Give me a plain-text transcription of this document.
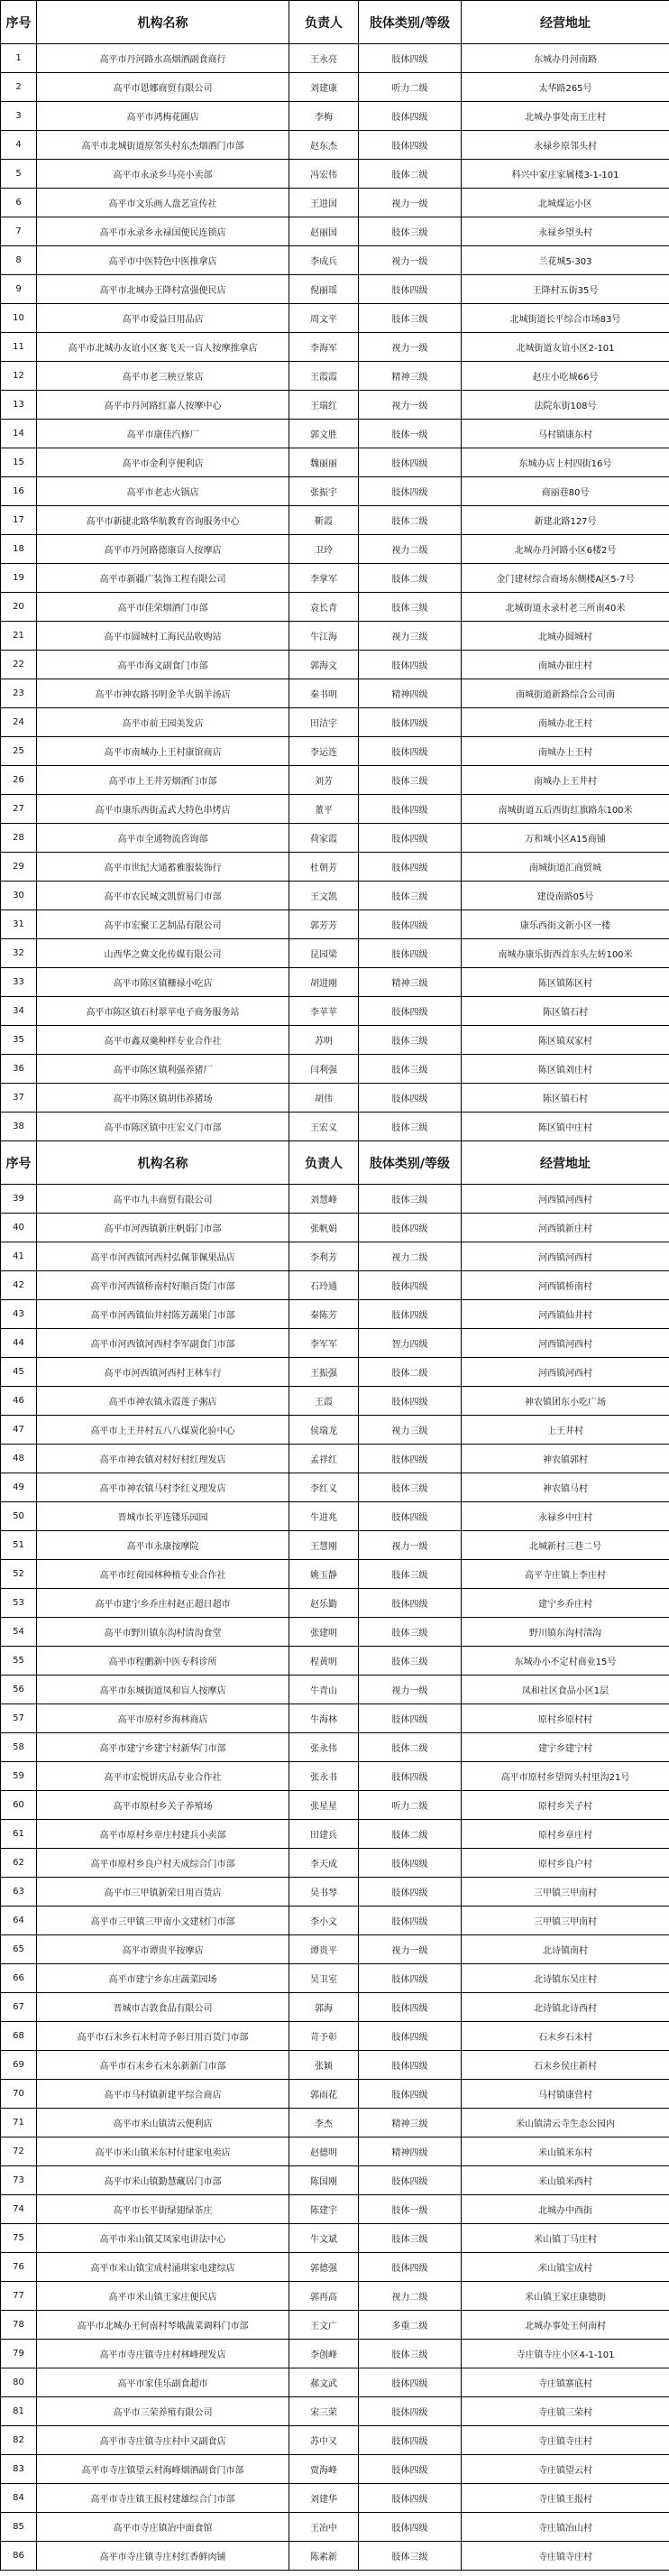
序号	机构名称	负责人	肢体类别/等级	经营地址
1	高平市丹河路水高烟酒副食商行	王永亮	肢体四级	东城办丹河南路
2	高平市恩娜商贸有限公司	刘建康	听力二级	太华路265号
3	高平市鸿梅花圃店	李梅	肢体四级	北城办事处南王庄村
4	高平市北城街道原邻头村东杰烟酒门市部	赵东杰	肢体四级	永禄乡原邻头村
5	高平市永录乡马亮小卖部	冯宏伟	肢体二级	科兴中家庄家属楼3-1-101
6	高平市文乐画人盘艺宣传社	王进国	视力一级	北城煤运小区
7	高平市永录乡永禄国便民连锁店	赵丽国	肢体三级	永禄乡望头村
8	高平市中医特色中医推拿店	李成兵	视力一级	兰花城5-303
9	高平市北城办王降村富强便民店	倪丽瑶	肢体四级	王降村五街35号
10	高平市爱益日用品店	周文平	肢体三级	北城街道长平综合市场83号
11	高平市北城办友谊小区赛飞天一盲人按摩推拿店	李海军	视力一级	北城街道友谊小区2-101
12	高平市老三秧豆浆店	王霞霞	精神三级	赵庄小吃城66号
13	高平市丹河路红嘉人按摩中心	王瑞红	视力一级	法院东街108号
14	高平市康佳汽修厂	郭文胜	肢体一级	马村镇康东村
15	高平市金利亨便利店	魏丽丽	肢体四级	东城办店上村四街16号
16	高平市老志火锅店	张振宇	肢体四级	商丽巷80号
17	高平市新捷北路华航教育咨询服务中心	靳霞	肢体二级	新建北路127号
18	高平市丹河路德康盲人按摩店	卫玲	视力二级	北城办丹河路小区6楼2号
19	高平市新疆广装饰工程有限公司	李掌军	肢体二级	金门建材综合商场东侧楼A区5-7号
20	高平市佳荣烟酒门市部	袁长青	肢体三级	北城街道永录村老三所南40米
21	高平市圆城村工海民品收购站	牛江海	视力三级	北城办圆城村
22	高平市海文副食门市部	郭海文	肢体四级	南城办崔庄村
23	高平市神农路书明金羊火锅羊汤店	秦书明	精神四级	南城街道新路综合公司南
24	高平市前王园美发店	田洁宇	肢体四级	南城办北王村
25	高平市南城办上王村康馆商店	李运连	肢体四级	南城办上王村
26	高平市上王井芳烟酒门市部	刘芳	肢体三级	南城办上王井村
27	高平市康乐西街孟武大特色串烤店	董平	肢体四级	南城街道五后西街红旗路东100米
28	高平市全通物流咨询部	荷家霞	肢体四级	万和城小区A15商铺
29	高平市世纪大通蓄雅服装饰行	杜朝芳	肢体四级	南城街道汇商贸城
30	高平市农民城文凯贸易门市部	王文凯	肢体三级	建设南路05号
31	高平市宏聚工艺制品有限公司	郭芳芳	肢体四级	康乐西街文新小区一楼
32	山西华之冀文化传媒有限公司	昆园梁	肢体四级	南城办康乐街西首东头左转100米
33	高平市陈区镇栅禄小吃店	胡进刚	精神三级	陈区镇陈区村
34	高平市陈区镇石村翠苹电子商务服务站	李苹苹	肢体四级	陈区镇石村
35	高平市鑫双羹种样专业合作社	苏明	肢体三级	陈区镇双家村
36	高平市陈区镇利强养猪厂	闫利强	肢体三级	陈区镇刘庄村
37	高平市陈区镇胡伟养猪场	胡伟	肢体四级	陈区镇石村
38	高平市陈区镇中庄宏义门市部	王宏义	肢体三级	陈区镇中庄村
序号	机构名称	负责人	肢体类别/等级	经营地址
39	高平市九丰商贸有限公司	刘慧峰	肢体三级	河西镇河西村
40	高平市河西镇新庄帆娟门市部	张帆娟	肢体四级	河西镇新庄村
41	高平市河西镇河西村弘佩菲佩果品店	李利芳	视力二级	河西镇河西村
42	高平市河西镇桥南村好顺百货门市部	石玲通	肢体四级	河西镇桥南村
43	高平市河西镇仙井村陈芳蔬果门市部	秦陈芳	肢体四级	河西镇仙井村
44	高平市河西镇河西村李军副食门市部	李军军	智力四级	河西镇河西村
45	高平市河西镇河西村王林车行	王振强	肢体二级	河西镇河西村
46	高平市神农镇永霞莲子粥店	王霞	肢体四级	神农镇团东小吃广场
47	高平市上王井村五八八煤炭化验中心	侯瑞龙	视力三级	上王井村
48	高平市神农镇对村好村红理发店	孟祥红	肢体四级	神农镇郭村
49	高平市神农镇马村李红义理发店	李红义	肢体三级	神农镇马村
50	晋城市长平连镂乐园园	牛进兆	肢体四级	永禄乡中庄村
51	高平市永康按摩院	王慧刚	视力一级	北城新村三巷二号
52	高平市红荷园林种植专业合作社	姚玉静	肢体三级	高平寺庄镇上李庄村
53	高平市建宁乡乔庄村赵正超日超市	赵乐勤	肢体四级	建宁乡乔庄村
54	高平市野川镇东沟村清沟食堂	张建明	肢体三级	野川镇东沟村清沟
55	高平市程鹏新中医专科诊所	程黄明	肢体三级	东城办小不定村商业15号
56	高平市东城街道凤和盲人按摩店	牛青山	视力一级	凤和社区食品小区1层
57	高平市原村乡海林商店	牛海林	肢体四级	原村乡原村村
58	高平市建宁乡建宁村新华门市部	张永伟	肢体二级	建宁乡建宁村
59	高平市宏悦饼庆品专业合作社	张永书	肢体四级	高平市原村乡望岡头村里沟21号
60	高平市原村乡关子养殖场	张星星	听力二级	原村乡关子村
61	高平市原村乡章庄村建兵小卖部	田建兵	肢体二级	原村乡章庄村
62	高平市原村乡良户村天成综合门市部	李天成	肢体四级	原村乡良户村
63	高平市三甲镇新荣日用百货店	吴书琴	肢体四级	三甲镇三甲南村
64	高平市三甲镇三甲南小文建材门市部	李小文	肢体四级	三甲镇三甲南村
65	高平市谭贵平按摩店	谭贵平	视力一级	北诗镇南村
66	高平市建宁乡东庄蔬菜园场	吴卫室	肢体四级	北诗镇东吴庄村
67	晋城市吉敦食品有限公司	郭海	肢体四级	北诗镇北诗西村
68	高平市石末乡石末村苛予彰日用百货门市部	苛予彰	肢体四级	石末乡石末村
69	高平市石末乡石末东新新门市部	张颖	肢体四级	石末乡侯庄新村
70	高平市马村镇新建平综合商店	郭雨花	肢体四级	马村镇康营村
71	高平市米山镇清云便利店	李杰	精神三级	米山镇清云寺生态公园内
72	高平市米山镇米东村付建家电卖店	赵德明	精神四级	米山镇米东村
73	高平市米山镇勤慧藏居门市部	陈国刚	肢体四级	米山镇米西村
74	高平市长平街绿翅绿茶庄	陈建宇	肢体一级	北城办中西街
75	高平市米山镇艾凤家电讲法中心	牛文斌	肢体三级	米山镇丁马庄村
76	高平市米山镇宝成村涌琪家电建综店	郭德强	肢体四级	米山镇宝成村
77	高平市米山镇王家庄便民店	郭再高	视力二级	米山镇王家庄康德街
78	高平市北城办王何南村琴娥蔬菜调料门市部	王文广	多重二级	北城办事处王何南村
79	高平市寺庄镇寺庄村林峰理发店	李创峰	肢体三级	寺庄镇寺庄小区4-1-101
80	高平市家佳乐副食超市	郝文武	肢体四级	寺庄镇寨底村
81	高平市三荣养殖有限公司	宋三荣	肢体四级	寺庄镇三荣村
82	高平市寺庄镇寺庄村中又副食店	苏中又	肢体四级	寺庄镇寺庄村
83	高平市寺庄镇望云村海峰烟酒副食门市部	贾海峰	肢体四级	寺庄镇望云村
84	高平市寺庄镇王报村建雄综合门市部	刘建华	肢体四级	寺庄镇王报村
85	高平市寺庄镇冶中面食馆	王冶中	肢体四级	寺庄镇冶山村
86	高平市寺庄镇寺庄村红香鲜肉铺	陈素新	肢体三级	寺庄镇寺庄村
